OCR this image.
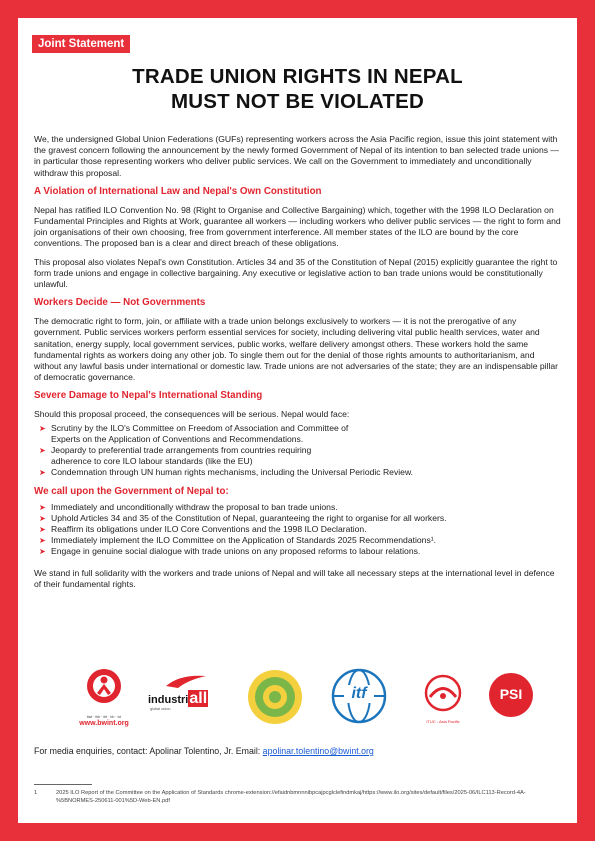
Joint Statement
TRADE UNION RIGHTS IN NEPAL
MUST NOT BE VIOLATED

We, the undersigned Global Union Federations (GUFs) representing workers across the Asia Pacific region, issue this joint statement with the gravest concern following the announcement by the newly formed Government of Nepal of its intention to ban selected trade unions — in particular those representing workers who deliver public services. We call on the Government to immediately and unconditionally withdraw this proposal.

A Violation of International Law and Nepal's Own Constitution

Nepal has ratified ILO Convention No. 98 (Right to Organise and Collective Bargaining) which, together with the 1998 ILO Declaration on Fundamental Principles and Rights at Work, guarantee all workers — including workers who deliver public services — the right to form and join organisations of their own choosing, free from government interference. All member states of the ILO are bound by the core conventions. The proposed ban is a clear and direct breach of these obligations.

This proposal also violates Nepal's own Constitution. Articles 34 and 35 of the Constitution of Nepal (2015) explicitly guarantee the right to form trade unions and engage in collective bargaining. Any executive or legislative action to ban trade unions would be constitutionally unlawful.

Workers Decide — Not Governments

The democratic right to form, join, or affiliate with a trade union belongs exclusively to workers — it is not the prerogative of any government. Public services workers perform essential services for society, including delivering vital public health services, water and sanitation, energy supply, local government services, public works, welfare delivery amongst others. These workers hold the same fundamental rights as workers doing any other job. To single them out for the denial of those rights amounts to authoritarianism, and without any lawful basis under international or domestic law. Trade unions are not adversaries of the state; they are an indispensable pillar of democratic governance.

Severe Damage to Nepal's International Standing

Should this proposal proceed, the consequences will be serious. Nepal would face:

➤ Scrutiny by the ILO's Committee on Freedom of Association and Committee of
Experts on the Application of Conventions and Recommendations.
➤ Jeopardy to preferential trade arrangements from countries requiring
adherence to core ILO labour standards (like the EU)
➤ Condemnation through UN human rights mechanisms, including the Universal Periodic Review.
We call upon the Government of Nepal to:
➤ Immediately and unconditionally withdraw the proposal to ban trade unions.
➤ Uphold Articles 34 and 35 of the Constitution of Nepal, guaranteeing the right to organise for all workers.
➤ Reaffirm its obligations under ILO Core Conventions and the 1998 ILO Declaration.
➤ Immediately implement the ILO Committee on the Application of Standards 2025 Recommendations¹.
➤ Engage in genuine social dialogue with trade unions on any proposed reforms to labour relations.

We stand in full solidarity with the workers and trade unions of Nepal and will take all necessary steps at the international level in defence of their fundamental rights.

bwi · ibb · ibt · bh · ict
www.bwint.org
industriall
global union
itf
ITUC - Asia Pacific
PSI
For media enquiries, contact: Apolinar Tolentino, Jr. Email: apolinar.tolentino@bwint.org
1	2025 ILO Report of the Committee on the Application of Standards chrome-extension://efaidnbmnnnibpcajpcglclefindmkaj/https://www.ilo.org/sites/default/files/2025-06/ILC113-Record-4A-%5BNORMES-250611-001%5D-Web-EN.pdf
